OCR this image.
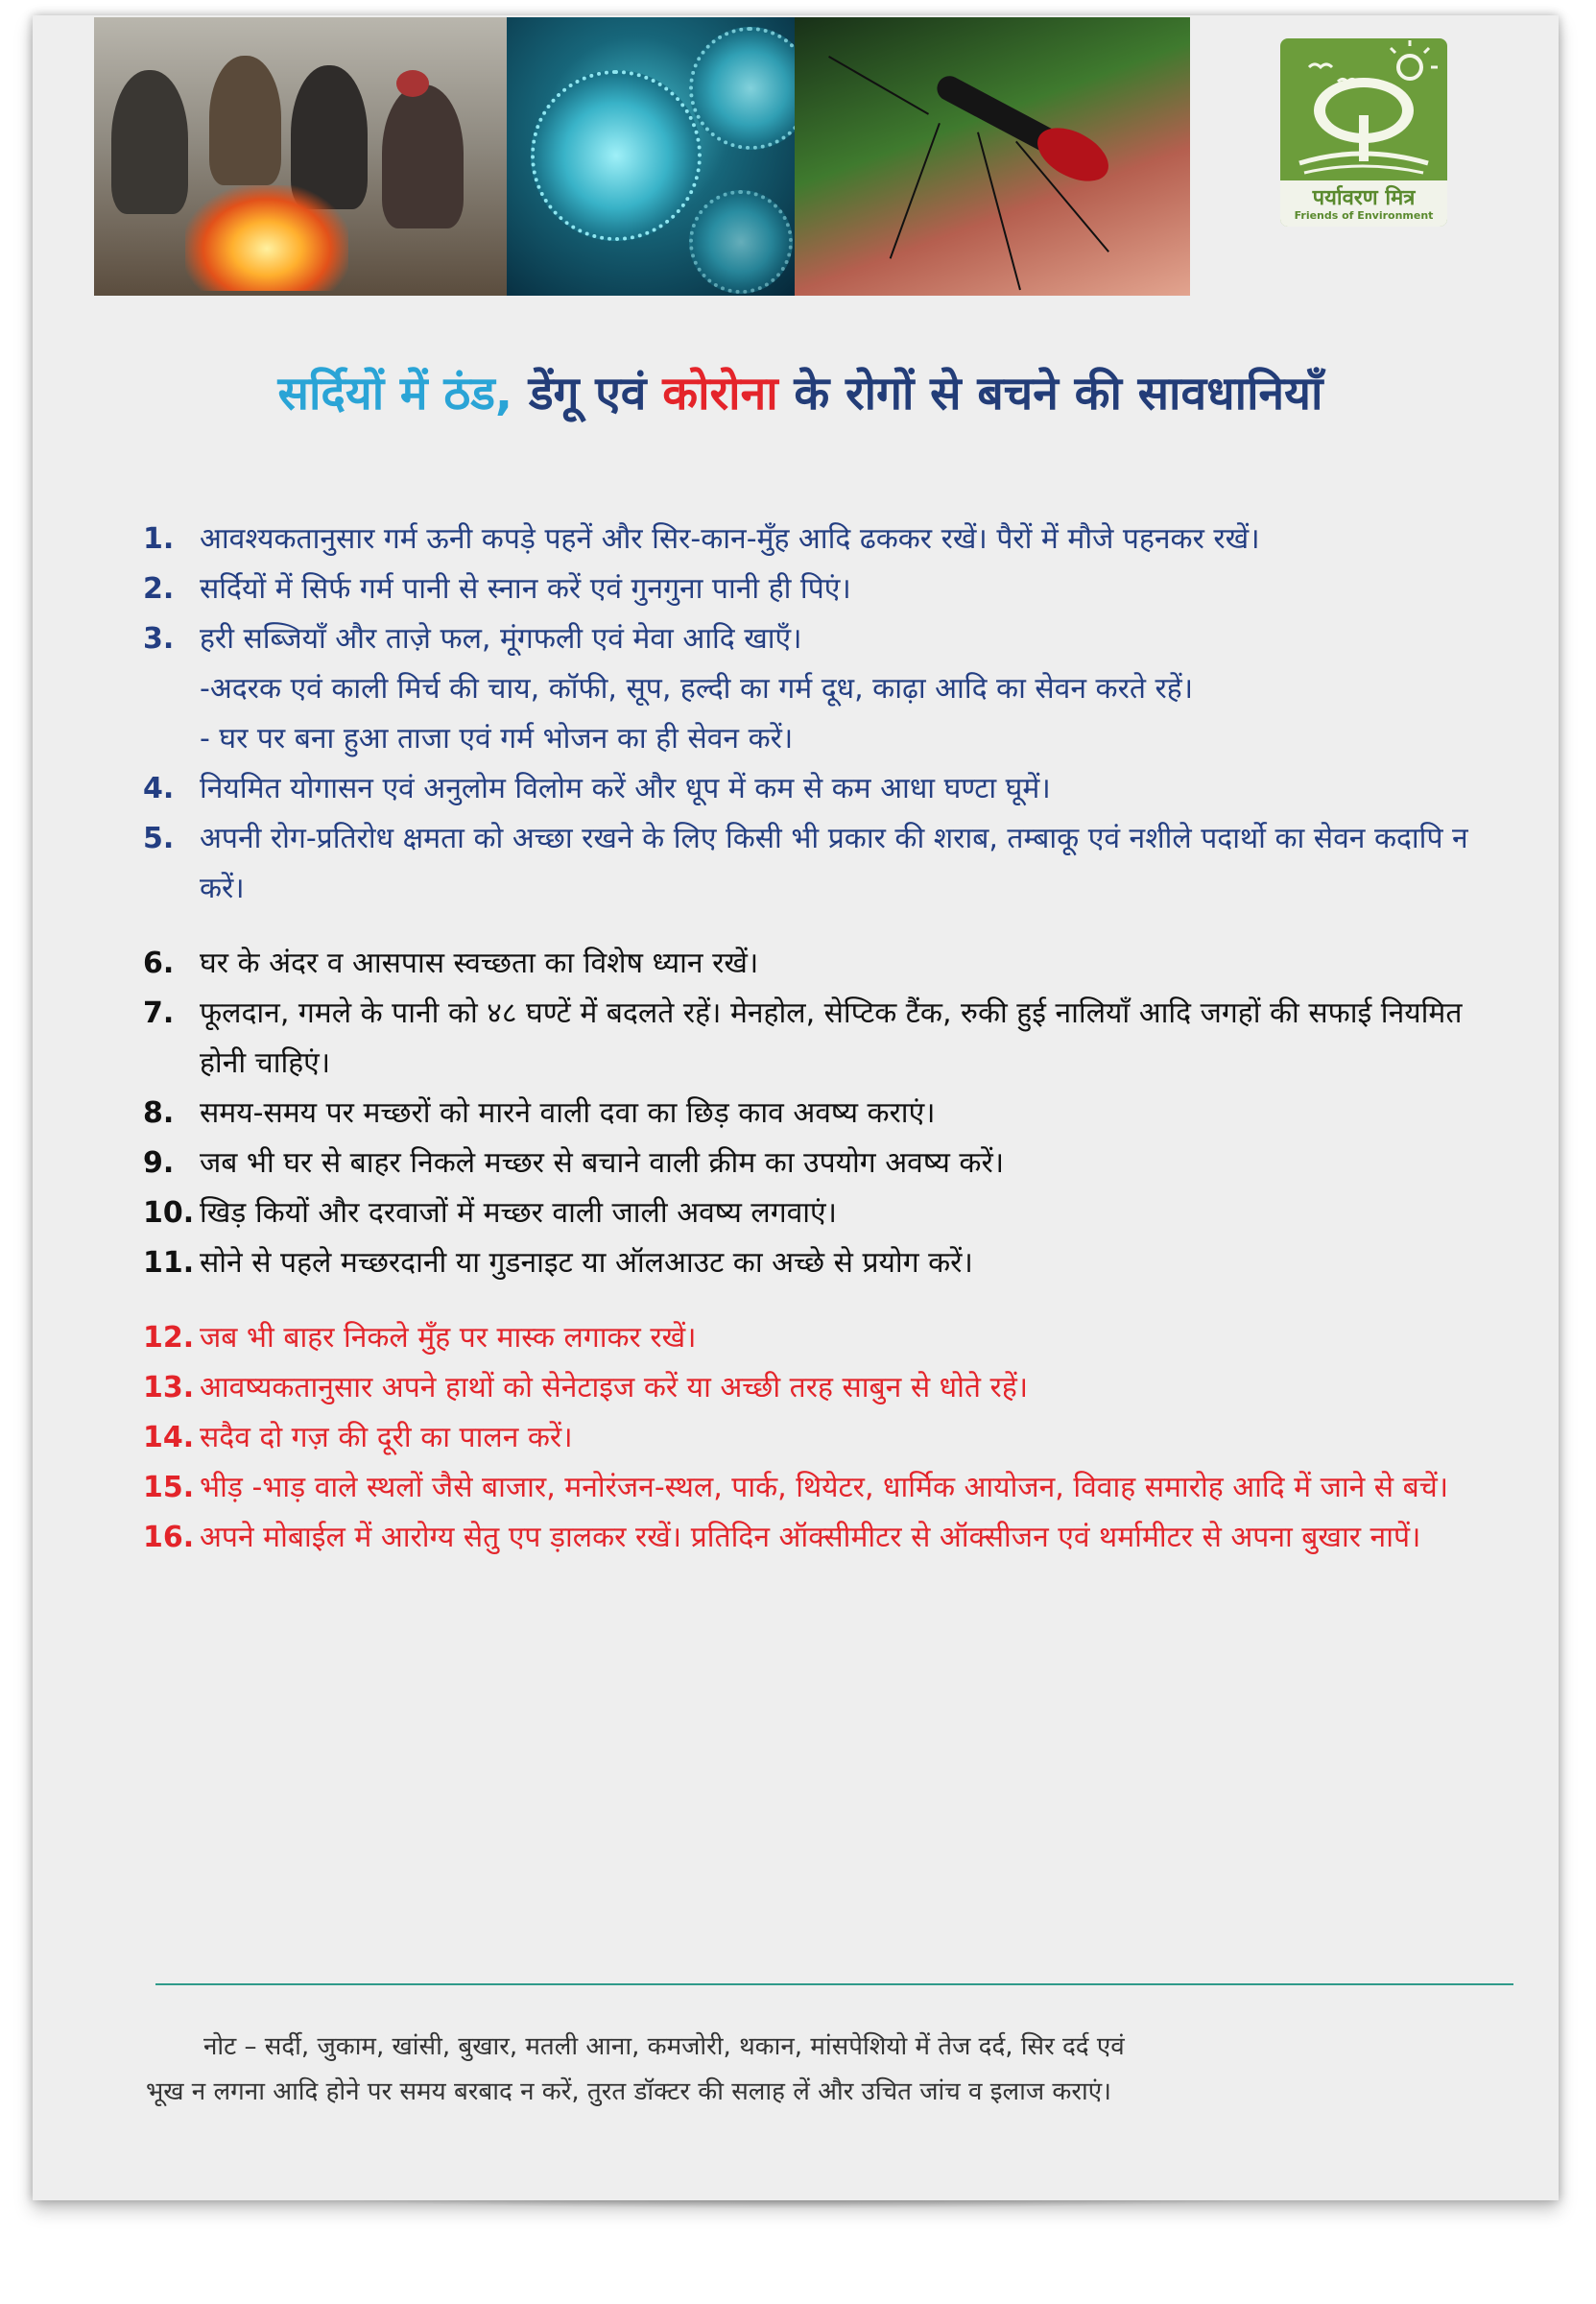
पर्यावरण मित्र
Friends of Environment
सर्दियों में ठंड, डेंगू एवं कोरोना के रोगों से बचने की सावधानियाँ
1. आवश्यकतानुसार गर्म ऊनी कपड़े पहनें और सिर-कान-मुँह आदि ढककर रखें। पैरों में मौजे पहनकर रखें।
2. सर्दियों में सिर्फ गर्म पानी से स्नान करें एवं गुनगुना पानी ही पिएं।
3. हरी सब्जियाँ और ताज़े फल, मूंगफली एवं मेवा आदि खाएँ।
-अदरक एवं काली मिर्च की चाय, कॉफी, सूप, हल्दी का गर्म दूध, काढ़ा आदि का सेवन करते रहें।
- घर पर बना हुआ ताजा एवं गर्म भोजन का ही सेवन करें।
4. नियमित योगासन एवं अनुलोम विलोम करें और धूप में कम से कम आधा घण्टा घूमें।
5. अपनी रोग-प्रतिरोध क्षमता को अच्छा रखने के लिए किसी भी प्रकार की शराब, तम्बाकू एवं नशीले पदार्थो का सेवन कदापि न करें।
6. घर के अंदर व आसपास स्वच्छता का विशेष ध्यान रखें।
7. फूलदान, गमले के पानी को ४८ घण्टें में बदलते रहें। मेनहोल, सेप्टिक टैंक, रुकी हुई नालियाँ आदि जगहों की सफाई नियमित होनी चाहिएं।
8. समय-समय पर मच्छरों को मारने वाली दवा का छिड़ काव अवष्य कराएं।
9. जब भी घर से बाहर निकले मच्छर से बचाने वाली क्रीम का उपयोग अवष्य करें।
10. खिड़ कियों और दरवाजों में मच्छर वाली जाली अवष्य लगवाएं।
11. सोने से पहले मच्छरदानी या गुडनाइट या ऑलआउट का अच्छे से प्रयोग करें।
12. जब भी बाहर निकले मुँह पर मास्क लगाकर रखें।
13. आवष्यकतानुसार अपने हाथों को सेनेटाइज करें या अच्छी तरह साबुन से धोते रहें।
14. सदैव दो गज़ की दूरी का पालन करें।
15. भीड़ -भाड़ वाले स्थलों जैसे बाजार, मनोरंजन-स्थल, पार्क, थियेटर, धार्मिक आयोजन, विवाह समारोह आदि में जाने से बचें।
16. अपने मोबाईल में आरोग्य सेतु एप ड़ालकर रखें। प्रतिदिन ऑक्सीमीटर से ऑक्सीजन एवं थर्मामीटर से अपना बुखार नापें।
नोट – सर्दी, जुकाम, खांसी, बुखार, मतली आना, कमजोरी, थकान, मांसपेशियो में तेज दर्द, सिर दर्द एवं
भूख न लगना आदि होने पर समय बरबाद न करें, तुरत डॉक्टर की सलाह लें और उचित जांच व इलाज कराएं।
